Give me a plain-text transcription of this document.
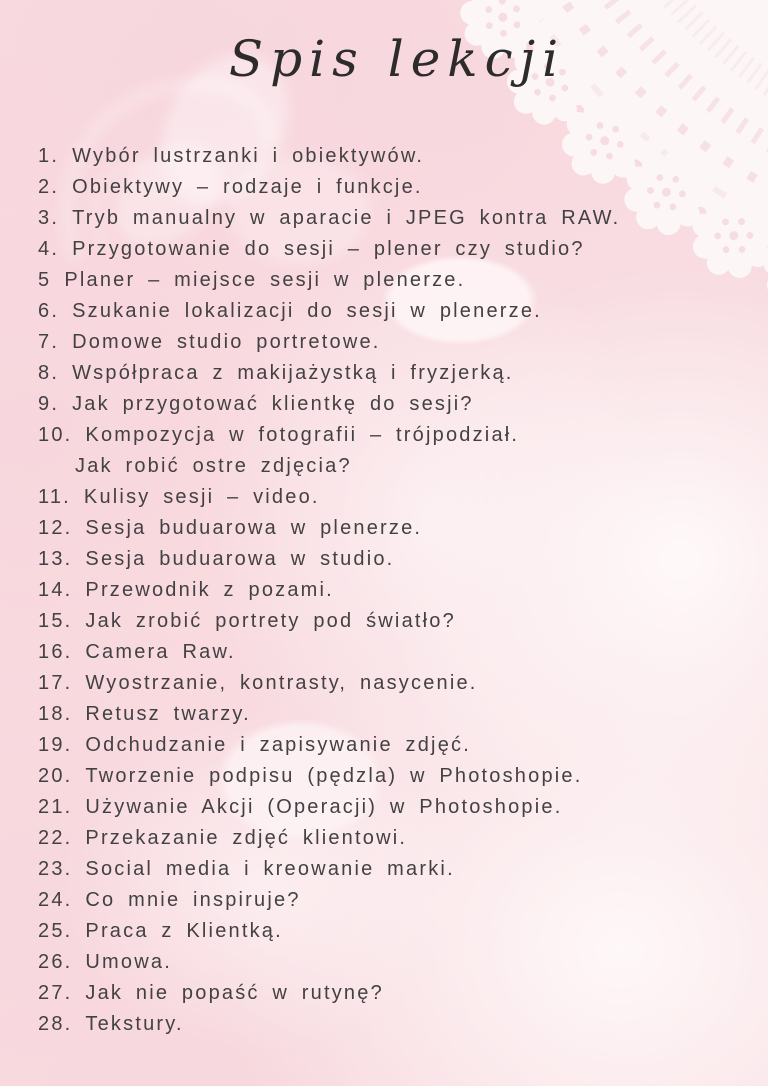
Spis lekcji
1. Wybór lustrzanki i obiektywów.
2. Obiektywy – rodzaje i funkcje.
3. Tryb manualny w aparacie i JPEG kontra RAW.
4. Przygotowanie do sesji – plener czy studio?
5 Planer – miejsce sesji w plenerze.
6. Szukanie lokalizacji do sesji w plenerze.
7. Domowe studio portretowe.
8. Współpraca z makijażystką i fryzjerką.
9. Jak przygotować klientkę do sesji?
10. Kompozycja w fotografii – trójpodział.
Jak robić ostre zdjęcia?
11. Kulisy sesji – video.
12. Sesja buduarowa w plenerze.
13. Sesja buduarowa w studio.
14. Przewodnik z pozami.
15. Jak zrobić portrety pod światło?
16. Camera Raw.
17. Wyostrzanie, kontrasty, nasycenie.
18. Retusz twarzy.
19. Odchudzanie i zapisywanie zdjęć.
20. Tworzenie podpisu (pędzla) w Photoshopie.
21. Używanie Akcji (Operacji) w Photoshopie.
22. Przekazanie zdjęć klientowi.
23. Social media i kreowanie marki.
24. Co mnie inspiruje?
25. Praca z Klientką.
26. Umowa.
27. Jak nie popaść w rutynę?
28. Tekstury.
